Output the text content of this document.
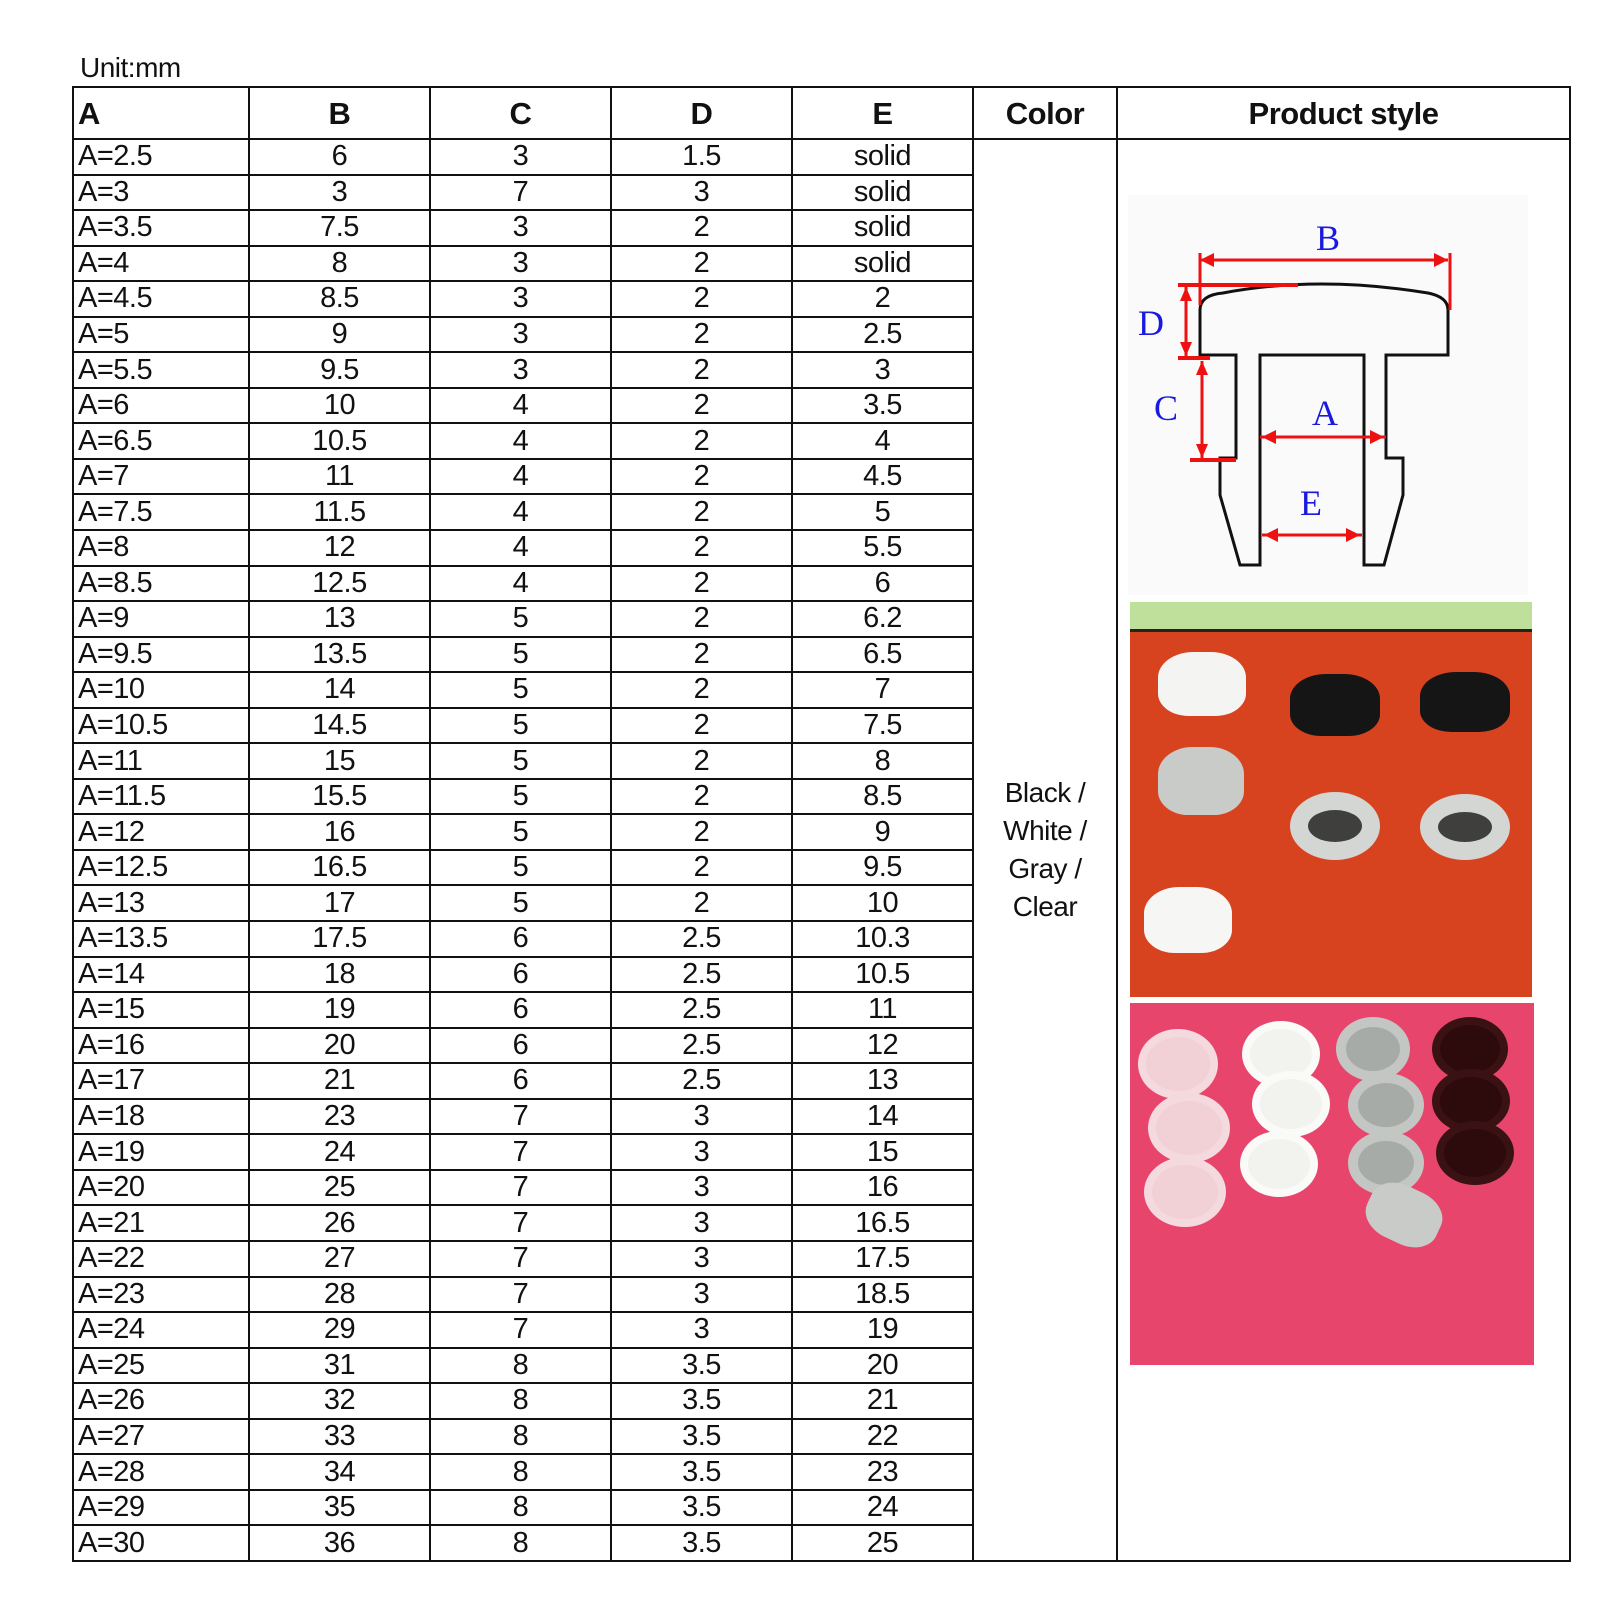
Unit:mm
A	B	C	D	E	Color	Product style
A=2.5	6	3	1.5	solid	
Black /
White /
Gray /
Clear

B
D
C	A
E

A=3	3	7	3	solid		
A=3.5	7.5	3	2	solid		
A=4	8	3	2	solid		
A=4.5	8.5	3	2	2		
A=5	9	3	2	2.5		
A=5.5	9.5	3	2	3		
A=6	10	4	2	3.5		
A=6.5	10.5	4	2	4		
A=7	11	4	2	4.5		
A=7.5	11.5	4	2	5		
A=8	12	4	2	5.5		
A=8.5	12.5	4	2	6		
A=9	13	5	2	6.2		
A=9.5	13.5	5	2	6.5		
A=10	14	5	2	7		
A=10.5	14.5	5	2	7.5		
A=11	15	5	2	8		
A=11.5	15.5	5	2	8.5		
A=12	16	5	2	9		
A=12.5	16.5	5	2	9.5		
A=13	17	5	2	10		
A=13.5	17.5	6	2.5	10.3		
A=14	18	6	2.5	10.5		
A=15	19	6	2.5	11		
A=16	20	6	2.5	12		
A=17	21	6	2.5	13		
A=18	23	7	3	14		
A=19	24	7	3	15		
A=20	25	7	3	16		
A=21	26	7	3	16.5		
A=22	27	7	3	17.5		
A=23	28	7	3	18.5		
A=24	29	7	3	19		
A=25	31	8	3.5	20		
A=26	32	8	3.5	21		
A=27	33	8	3.5	22		
A=28	34	8	3.5	23		
A=29	35	8	3.5	24		
A=30	36	8	3.5	25		
